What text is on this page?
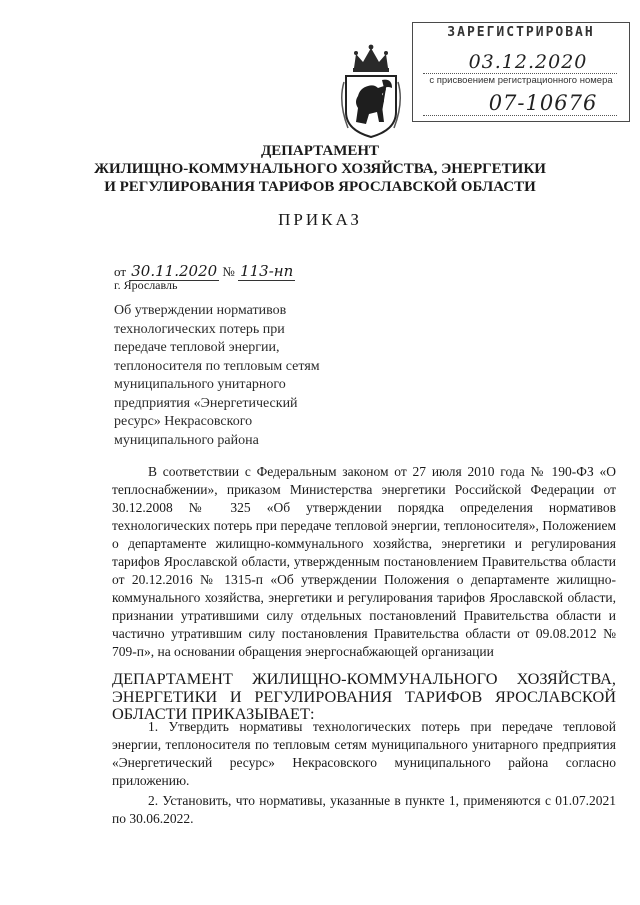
ЗАРЕГИСТРИРОВАН
03.12.2020
с присвоением регистрационного номера
07-10676
ДЕПАРТАМЕНТ
ЖИЛИЩНО-КОММУНАЛЬНОГО ХОЗЯЙСТВА, ЭНЕРГЕТИКИ
И РЕГУЛИРОВАНИЯ ТАРИФОВ ЯРОСЛАВСКОЙ ОБЛАСТИ
ПРИКАЗ
от 30.11.2020 № 113-нп
г. Ярославль
Об утверждении нормативов
технологических потерь при
передаче тепловой энергии,
теплоносителя по тепловым сетям
муниципального унитарного
предприятия «Энергетический
ресурс» Некрасовского
муниципального района
В соответствии с Федеральным законом от 27 июля 2010 года № 190-ФЗ «О теплоснабжении», приказом Министерства энергетики Российской Федерации от 30.12.2008 № 325 «Об утверждении порядка определения нормативов технологических потерь при передаче тепловой энергии, теплоносителя», Положением о департаменте жилищно-коммунального хозяйства, энергетики и регулирования тарифов Ярославской области, утвержденным постановлением Правительства области от 20.12.2016 № 1315-п «Об утверждении Положения о департаменте жилищно-коммунального хозяйства, энергетики и регулирования тарифов Ярославской области, признании утратившими силу отдельных постановлений Правительства области и частично утратившим силу постановления Правительства области от 09.08.2012 № 709-п», на основании обращения энергоснабжающей организации
ДЕПАРТАМЕНТ ЖИЛИЩНО-КОММУНАЛЬНОГО ХОЗЯЙСТВА, ЭНЕРГЕТИКИ И РЕГУЛИРОВАНИЯ ТАРИФОВ ЯРОСЛАВСКОЙ ОБЛАСТИ ПРИКАЗЫВАЕТ:
1. Утвердить нормативы технологических потерь при передаче тепловой энергии, теплоносителя по тепловым сетям муниципального унитарного предприятия «Энергетический ресурс» Некрасовского муниципального района согласно приложению.
2. Установить, что нормативы, указанные в пункте 1, применяются с 01.07.2021 по 30.06.2022.
